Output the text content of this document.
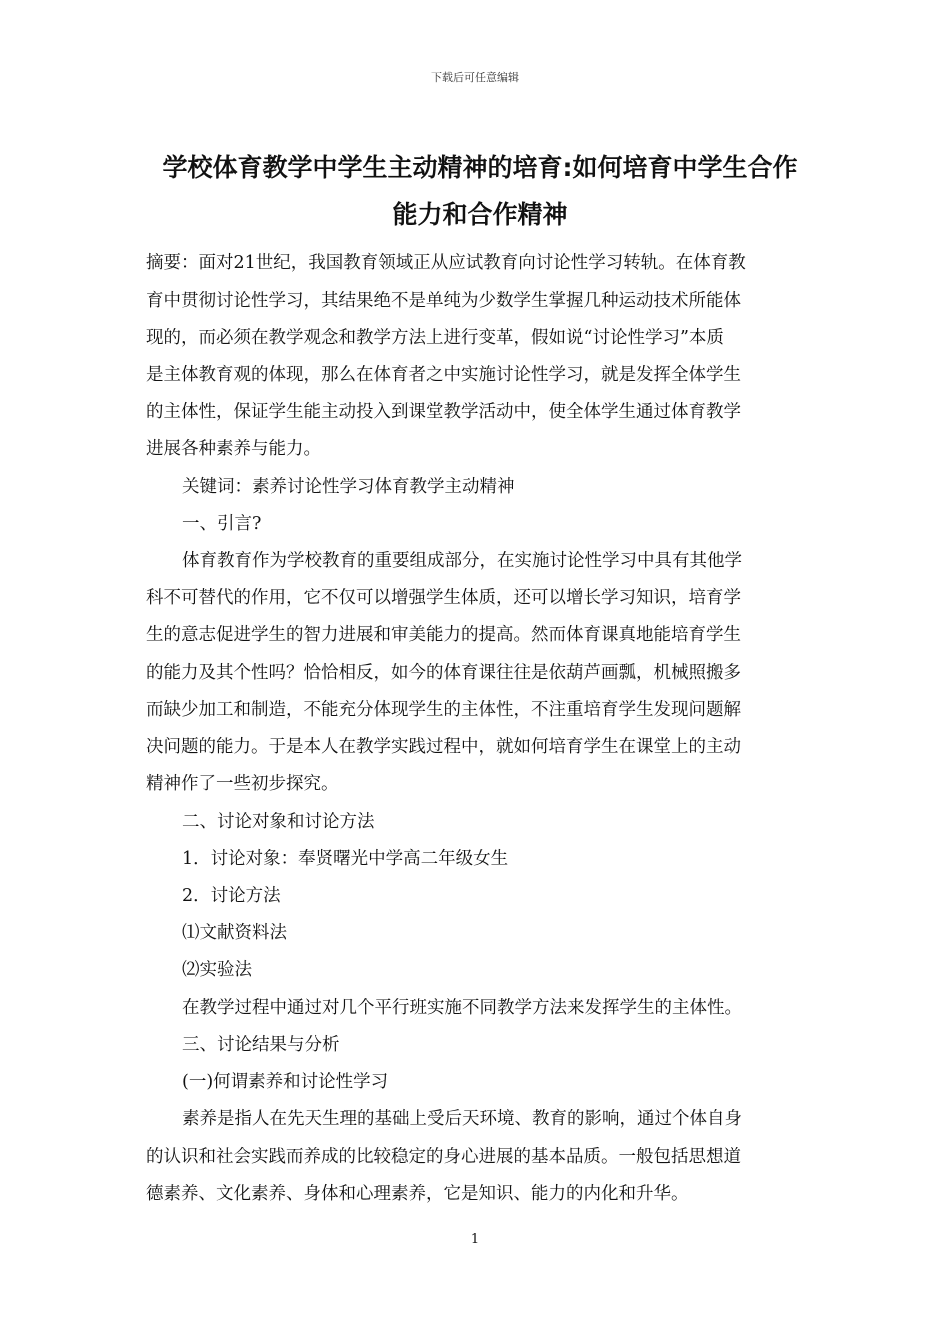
下载后可任意编辑
学校体育教学中学生主动精神的培育:如何培育中学生合作
能力和合作精神
摘要：面对21世纪，我国教育领域正从应试教育向讨论性学习转轨。在体育教
育中贯彻讨论性学习，其结果绝不是单纯为少数学生掌握几种运动技术所能体
现的，而必须在教学观念和教学方法上进行变革，假如说“讨论性学习”本质
是主体教育观的体现，那么在体育者之中实施讨论性学习，就是发挥全体学生
的主体性，保证学生能主动投入到课堂教学活动中，使全体学生通过体育教学
进展各种素养与能力。
关键词：素养讨论性学习体育教学主动精神
一、引言?
体育教育作为学校教育的重要组成部分，在实施讨论性学习中具有其他学
科不可替代的作用，它不仅可以增强学生体质，还可以增长学习知识，培育学
生的意志促进学生的智力进展和审美能力的提高。然而体育课真地能培育学生
的能力及其个性吗？恰恰相反，如今的体育课往往是依葫芦画瓢，机械照搬多
而缺少加工和制造，不能充分体现学生的主体性，不注重培育学生发现问题解
决问题的能力。于是本人在教学实践过程中，就如何培育学生在课堂上的主动
精神作了一些初步探究。
二、讨论对象和讨论方法
1．讨论对象：奉贤曙光中学高二年级女生
2．讨论方法
⑴文献资料法
⑵实验法
在教学过程中通过对几个平行班实施不同教学方法来发挥学生的主体性。
三、讨论结果与分析
(一)何谓素养和讨论性学习
素养是指人在先天生理的基础上受后天环境、教育的影响，通过个体自身
的认识和社会实践而养成的比较稳定的身心进展的基本品质。一般包括思想道
德素养、文化素养、身体和心理素养，它是知识、能力的内化和升华。
1
